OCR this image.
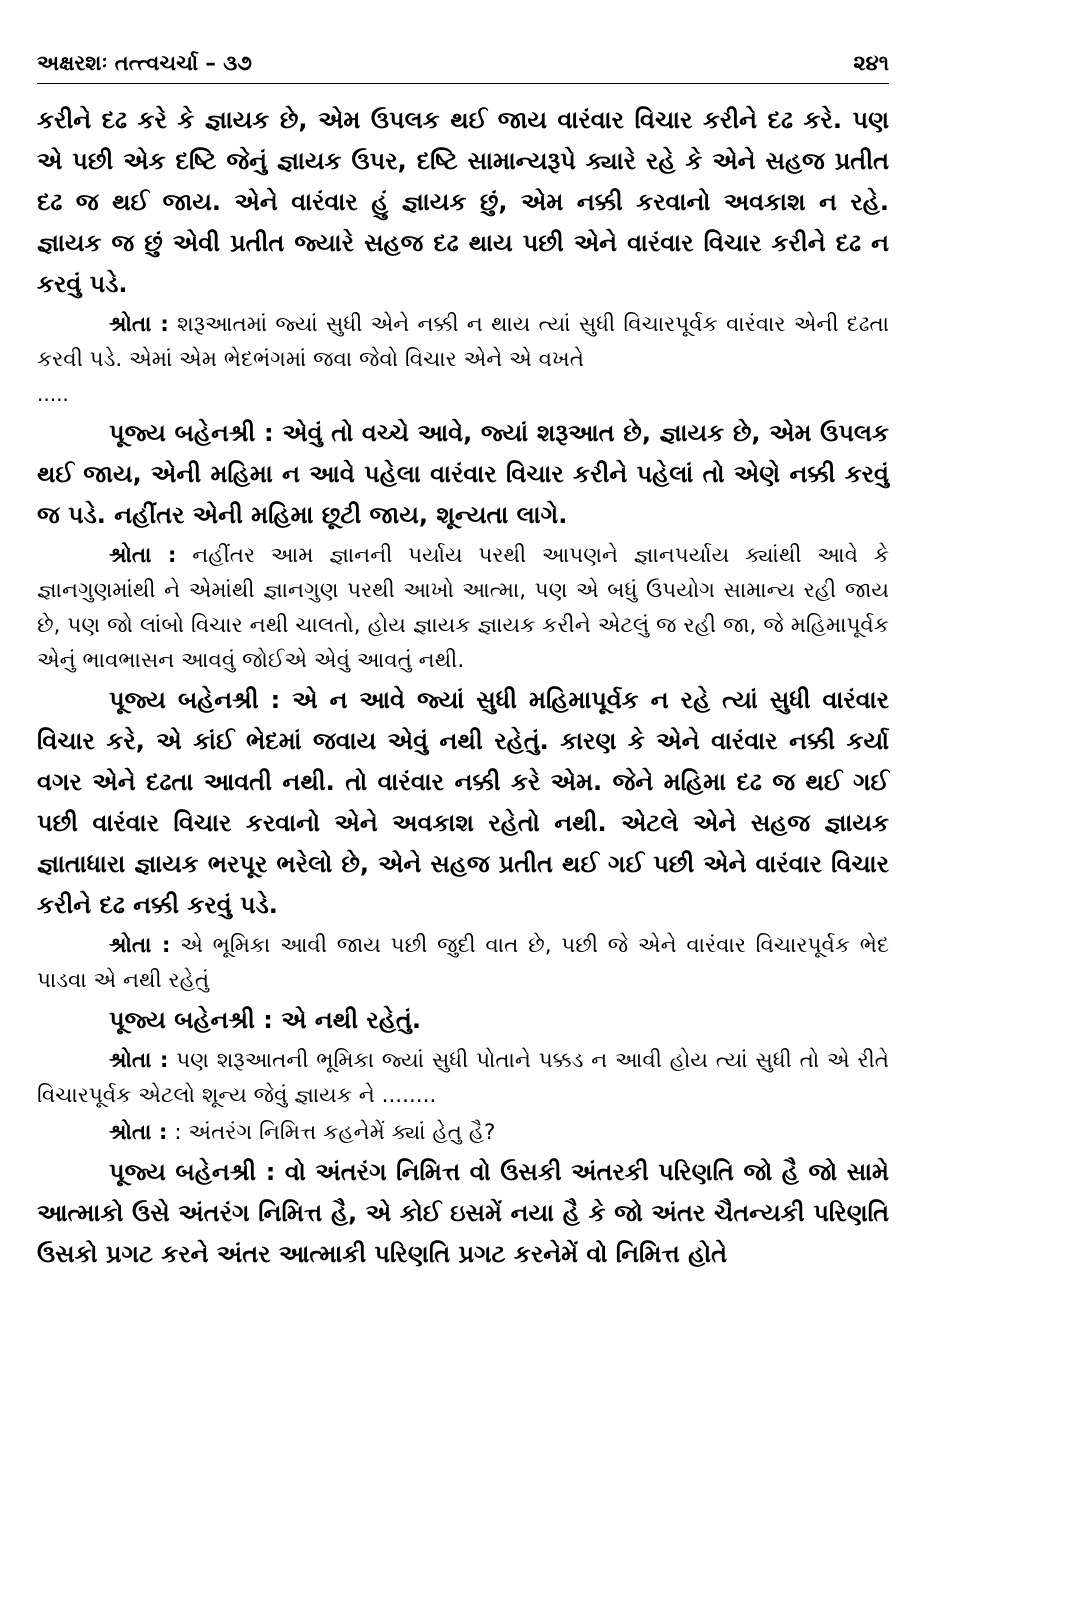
અક્ષરશઃ તત્ત્વચર્ચા – ૩૭	૨૪૧

કરીને દઢ કરે કે જ્ઞાયક છે, એમ ઉપલક થઈ જાય વારંવાર વિચાર કરીને દઢ કરે. પણ એ પછી એક દષ્ટિ જેનું જ્ઞાયક ઉપર, દષ્ટિ સામાન્યરૂપે ક્યારે રહે કે એને સહજ પ્રતીત દઢ જ થઈ જાય. એને વારંવાર હું જ્ઞાયક છું, એમ નક્કી કરવાનો અવકાશ ન રહે. જ્ઞાયક જ છું એવી પ્રતીત જ્યારે સહજ દઢ થાય પછી એને વારંવાર વિચાર કરીને દઢ ન કરવું પડે.

શ્રોતા : શરૂઆતમાં જ્યાં સુધી એને નક્કી ન થાય ત્યાં સુધી વિચારપૂર્વક વારંવાર એની દઢતા કરવી પડે. એમાં એમ ભેદભંગમાં જવા જેવો વિચાર એને એ વખતે

.....

પૂજ્ય બહેનશ્રી : એવું તો વચ્ચે આવે, જ્યાં શરૂઆત છે, જ્ઞાયક છે, એમ ઉપલક થઈ જાય, એની મહિમા ન આવે પહેલા વારંવાર વિચાર કરીને પહેલાં તો એણે નક્કી કરવું જ પડે. નહીંતર એની મહિમા છૂટી જાય, શૂન્યતા લાગે.

શ્રોતા : નહીંતર આમ જ્ઞાનની પર્યાય પરથી આપણને જ્ઞાનપર્યાય ક્યાંથી આવે કે જ્ઞાનગુણમાંથી ને એમાંથી જ્ઞાનગુણ પરથી આખો આત્મા, પણ એ બધું ઉપયોગ સામાન્ય રહી જાય છે, પણ જો લાંબો વિચાર નથી ચાલતો, હોય જ્ઞાયક જ્ઞાયક કરીને એટલું જ રહી જા, જે મહિમાપૂર્વક એનું ભાવભાસન આવવું જોઈએ એવું આવતું નથી.

પૂજ્ય બહેનશ્રી : એ ન આવે જ્યાં સુધી મહિમાપૂર્વક ન રહે ત્યાં સુધી વારંવાર વિચાર કરે, એ કાંઈ ભેદમાં જવાય એવું નથી રહેતું. કારણ કે એને વારંવાર નક્કી કર્યા વગર એને દઢતા આવતી નથી. તો વારંવાર નક્કી કરે એમ. જેને મહિમા દઢ જ થઈ ગઈ પછી વારંવાર વિચાર કરવાનો એને અવકાશ રહેતો નથી. એટલે એને સહજ જ્ઞાયક જ્ઞાતાધારા જ્ઞાયક ભરપૂર ભરેલો છે, એને સહજ પ્રતીત થઈ ગઈ પછી એને વારંવાર વિચાર કરીને દઢ નક્કી કરવું પડે.

શ્રોતા : એ ભૂમિકા આવી જાય પછી જુદી વાત છે, પછી જે એને વારંવાર વિચારપૂર્વક ભેદ પાડવા એ નથી રહેતું

પૂજ્ય બહેનશ્રી : એ નથી રહેતું.

શ્રોતા : પણ શરૂઆતની ભૂમિકા જ્યાં સુધી પોતાને પક્કડ ન આવી હોય ત્યાં સુધી તો એ રીતે વિચારપૂર્વક એટલો શૂન્ય જેવું જ્ઞાયક ને ........

શ્રોતા : : અંતરંગ નિમિત્ત કહનેમેં ક્યાં હેતુ હૈ?

પૂજ્ય બહેનશ્રી : વો અંતરંગ નિમિત્ત વો ઉસકી અંતરકી પરિણતિ જો હૈ જો સામે આત્માકો ઉસે અંતરંગ નિમિત્ત હૈ, એ કોઈ ઇસમેં નયા હૈ કે જો અંતર ચૈતન્યકી પરિણતિ ઉસકો પ્રગટ કરને અંતર આત્માકી પરિણતિ પ્રગટ કરનેમેં વો નિમિત્ત હોતે
